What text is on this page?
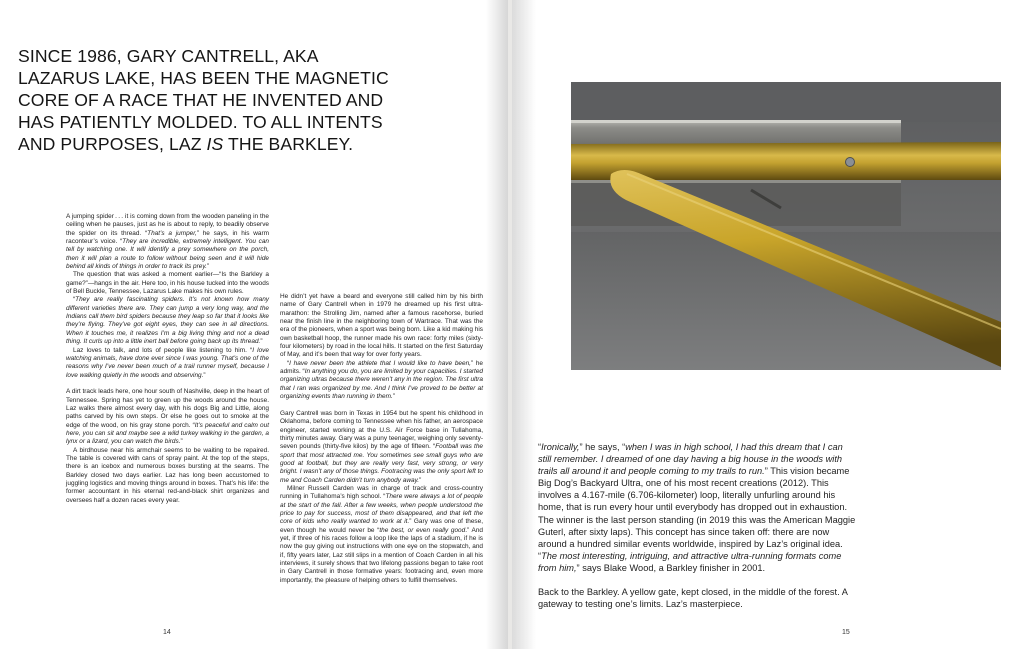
SINCE 1986, GARY CANTRELL, AKA LAZARUS LAKE, HAS BEEN THE MAGNETIC CORE OF A RACE THAT HE INVENTED AND HAS PATIENTLY MOLDED. TO ALL INTENTS AND PURPOSES, LAZ IS THE BARKLEY.

A jumping spider . . . it is coming down from the wooden paneling in the ceiling when he pauses, just as he is about to reply, to beadily observe the spider on its thread. “That’s a jumper,” he says, in his warm raconteur’s voice. “They are incredible, extremely intelligent. You can tell by watching one. It will identify a prey somewhere on the porch, then it will plan a route to follow without being seen and it will hide behind all kinds of things in order to track its prey.”

The question that was asked a moment earlier—“Is the Barkley a game?”—hangs in the air. Here too, in his house tucked into the woods of Bell Buckle, Tennessee, Lazarus Lake makes his own rules.

“They are really fascinating spiders. It’s not known how many different varieties there are. They can jump a very long way, and the Indians call them bird spiders because they leap so far that it looks like they’re flying. They’ve got eight eyes, they can see in all directions. When it touches me, it realizes I’m a big living thing and not a dead thing. It curls up into a little inert ball before going back up its thread.”

Laz loves to talk, and lots of people like listening to him. “I love watching animals, have done ever since I was young. That’s one of the reasons why I’ve never been much of a trail runner myself, because I love walking quietly in the woods and observing.”

A dirt track leads here, one hour south of Nashville, deep in the heart of Tennessee. Spring has yet to green up the woods around the house. Laz walks there almost every day, with his dogs Big and Little, along paths carved by his own steps. Or else he goes out to smoke at the edge of the wood, on his gray stone porch. “It’s peaceful and calm out here, you can sit and maybe see a wild turkey walking in the garden, a lynx or a lizard, you can watch the birds.”

A birdhouse near his armchair seems to be waiting to be repaired. The table is covered with cans of spray paint. At the top of the steps, there is an icebox and numerous boxes bursting at the seams. The Barkley closed two days earlier. Laz has long been accustomed to juggling logistics and moving things around in boxes. That’s his life: the former accountant in his eternal red-and-black shirt organizes and oversees half a dozen races every year.

He didn’t yet have a beard and everyone still called him by his birth name of Gary Cantrell when in 1979 he dreamed up his first ultra-marathon: the Strolling Jim, named after a famous racehorse, buried near the finish line in the neighboring town of Wartrace. That was the era of the pioneers, when a sport was being born. Like a kid making his own basketball hoop, the runner made his own race: forty miles (sixty-four kilometers) by road in the local hills. It started on the first Saturday of May, and it’s been that way for over forty years.

“I have never been the athlete that I would like to have been,” he admits. “In anything you do, you are limited by your capacities. I started organizing ultras because there weren’t any in the region. The first ultra that I ran was organized by me. And I think I’ve proved to be better at organizing events than running in them.”

Gary Cantrell was born in Texas in 1954 but he spent his childhood in Oklahoma, before coming to Tennessee when his father, an aerospace engineer, started working at the U.S. Air Force base in Tullahoma, thirty minutes away. Gary was a puny teenager, weighing only seventy-seven pounds (thirty-five kilos) by the age of fifteen. “Football was the sport that most attracted me. You sometimes see small guys who are good at football, but they are really very fast, very strong, or very bright. I wasn’t any of those things. Footracing was the only sport left to me and Coach Carden didn’t turn anybody away.”

Milner Russell Carden was in charge of track and cross-country running in Tullahoma’s high school. “There were always a lot of people at the start of the fall. After a few weeks, when people understood the price to pay for success, most of them disappeared, and that left the core of kids who really wanted to work at it.” Gary was one of these, even though he would never be “the best, or even really good.” And yet, if three of his races follow a loop like the laps of a stadium, if he is now the guy giving out instructions with one eye on the stopwatch, and if, fifty years later, Laz still slips in a mention of Coach Carden in all his interviews, it surely shows that two lifelong passions began to take root in Gary Cantrell in those formative years: footracing and, even more importantly, the pleasure of helping others to fulfill themselves.

14

“Ironically,” he says, “when I was in high school, I had this dream that I can still remember. I dreamed of one day having a big house in the woods with trails all around it and people coming to my trails to run.” This vision became Big Dog’s Backyard Ultra, one of his most recent creations (2012). This involves a 4.167-mile (6.706-kilometer) loop, literally unfurling around his home, that is run every hour until everybody has dropped out in exhaustion. The winner is the last person standing (in 2019 this was the American Maggie Guterl, after sixty laps). This concept has since taken off: there are now around a hundred similar events worldwide, inspired by Laz’s original idea. “The most interesting, intriguing, and attractive ultra-running formats come from him,” says Blake Wood, a Barkley finisher in 2001.

Back to the Barkley. A yellow gate, kept closed, in the middle of the forest. A gateway to testing one’s limits. Laz’s masterpiece.

15
